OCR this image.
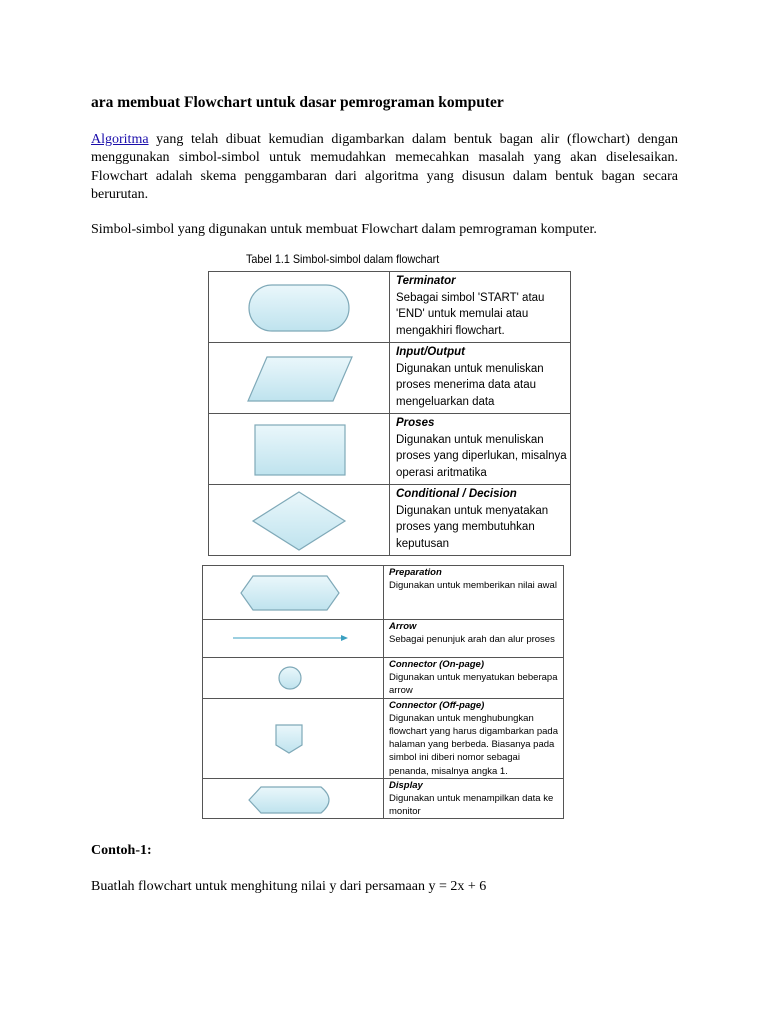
ara membuat Flowchart untuk dasar pemrograman komputer
Algoritma yang telah dibuat kemudian digambarkan dalam bentuk bagan alir (flowchart) dengan menggunakan simbol-simbol untuk memudahkan memecahkan masalah yang akan diselesaikan. Flowchart adalah skema penggambaran dari algoritma yang disusun dalam bentuk bagan secara berurutan.
Simbol-simbol yang digunakan untuk membuat Flowchart dalam pemrograman komputer.
Tabel 1.1 Simbol-simbol dalam flowchart

Terminator
Sebagai simbol 'START' atau 'END' untuk memulai atau mengakhiri flowchart.

Input/Output
Digunakan untuk menuliskan proses menerima data atau mengeluarkan data

Proses
Digunakan untuk menuliskan proses yang diperlukan, misalnya operasi aritmatika

Conditional / Decision
Digunakan untuk menyatakan proses yang membutuhkan keputusan

Preparation
Digunakan untuk memberikan nilai awal

Arrow
Sebagai penunjuk arah dan alur proses

Connector (On-page)
Digunakan untuk menyatukan beberapa arrow

Connector (Off-page)
Digunakan untuk menghubungkan flowchart yang harus digambarkan pada halaman yang berbeda. Biasanya pada simbol ini diberi nomor sebagai penanda, misalnya angka 1.

Display
Digunakan untuk menampilkan data ke monitor
Contoh-1:
Buatlah flowchart untuk menghitung nilai y dari persamaan y = 2x + 6
